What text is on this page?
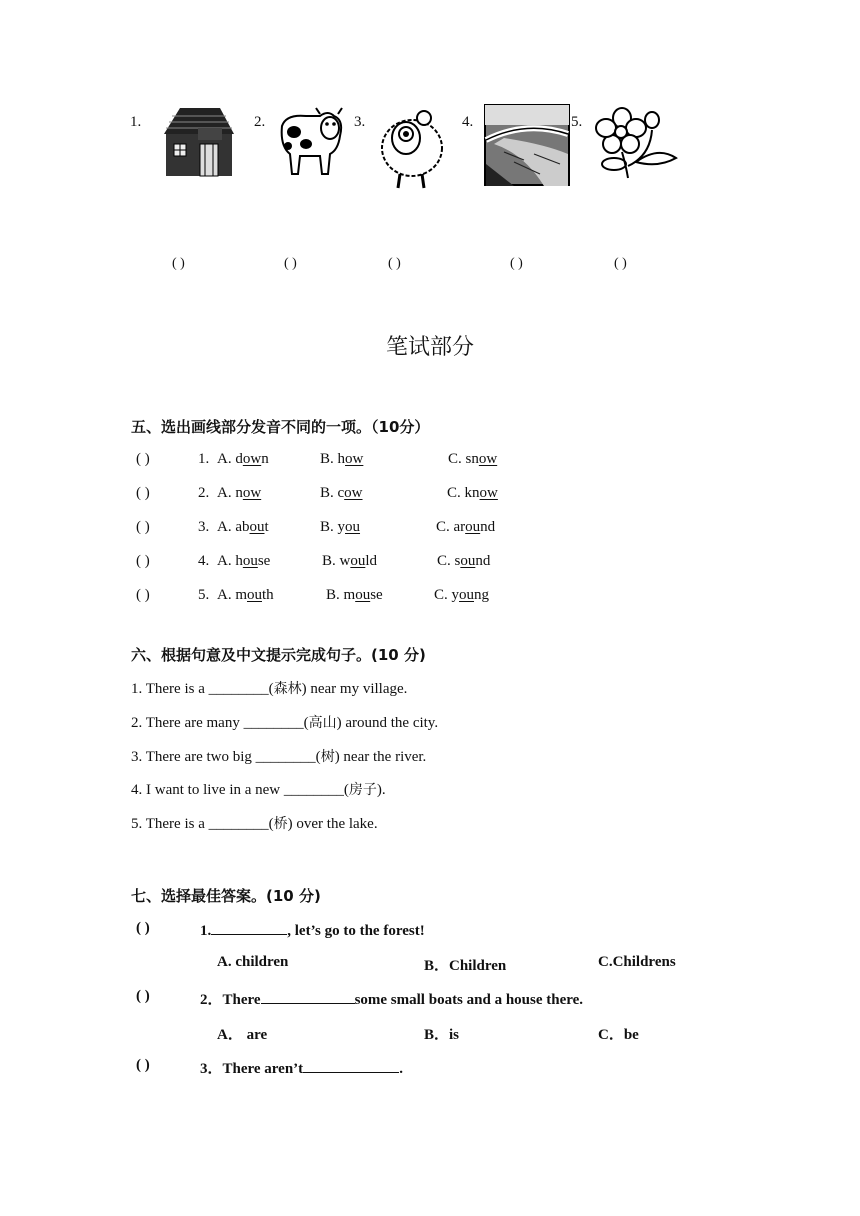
1.	2.	3.	4.	5.
( )	( )	( )	( )	( )
笔试部分
五、选出画线部分发音不同的一项。（10分）
( )	1. A. down	B. how	C. snow
( )	2. A. now	B. cow	C. know
( )	3. A. about	B. you	C. around
( )	4. A. house	B. would	C. sound
( )	5. A. mouth	B. mouse	C. young
六、根据句意及中文提示完成句子。(10 分)
1. There is a ________(森林) near my village.
2. There are many ________(高山) around the city.
3. There are two big ________(树) near the river.
4. I want to live in a new ________(房子).
5. There is a ________(桥) over the lake.
七、选择最佳答案。(10 分)
( )	1.	, let’s go to the forest!
A. children	B．Children	C.Childrens
( )	2．There	some small boats and a house there.
A． are	B．is	C．be
( )	3．There aren’t	.
